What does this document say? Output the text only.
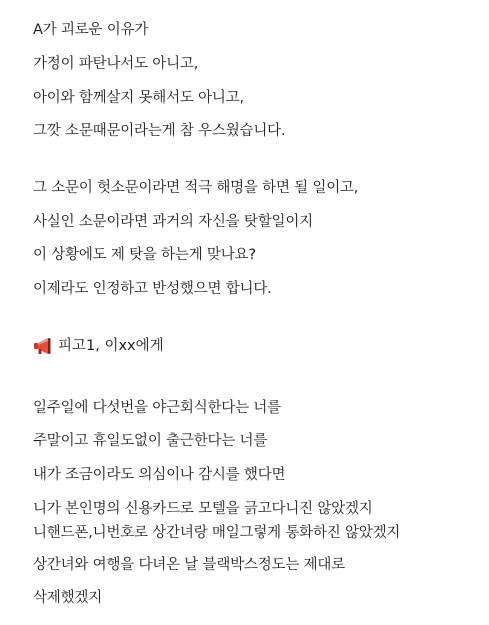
A가 괴로운 이유가
가정이 파탄나서도 아니고,
아이와 함께살지 못해서도 아니고,
그깟 소문때문이라는게 참 우스웠습니다.
그 소문이 헛소문이라면 적극 해명을 하면 될 일이고,
사실인 소문이라면 과거의 자신을 탓할일이지
이 상황에도 제 탓을 하는게 맞나요?
이제라도 인정하고 반성했으면 합니다.
피고1, 이xx에게
일주일에 다섯번을 야근회식한다는 너를
주말이고 휴일도없이 출근한다는 너를
내가 조금이라도 의심이나 감시를 했다면
니가 본인명의 신용카드로 모텔을 긁고다니진 않았겠지
니핸드폰,니번호로 상간녀랑 매일그렇게 통화하진 않았겠지
상간녀와 여행을 다녀온 날 블랙박스정도는 제대로
삭제했겠지
